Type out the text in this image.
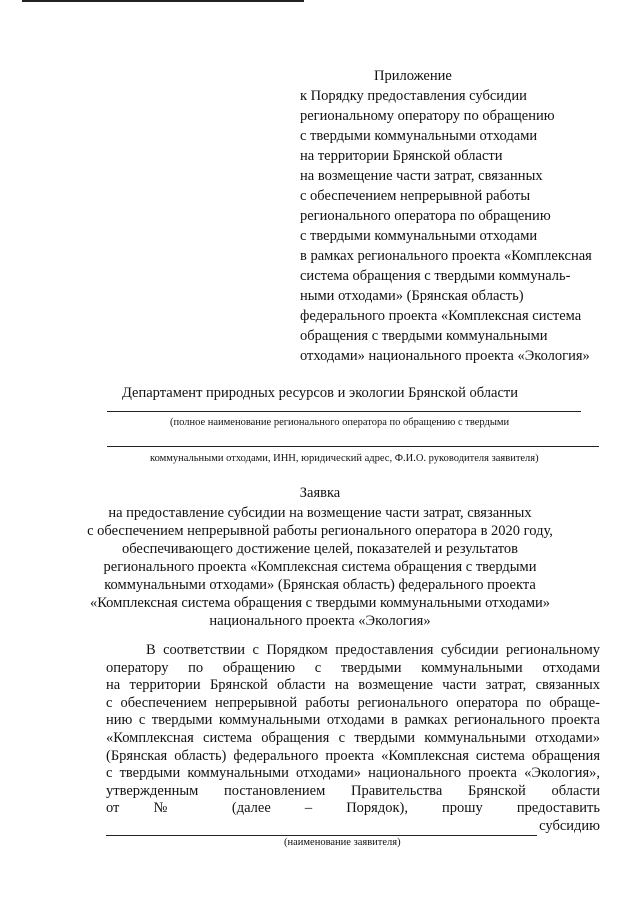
Приложение
к Порядку предоставления субсидии
региональному оператору по обращению
с твердыми коммунальными отходами
на территории Брянской области
на возмещение части затрат, связанных
с обеспечением непрерывной работы
регионального оператора по обращению
с твердыми коммунальными отходами
в рамках регионального проекта «Комплексная
система обращения с твердыми коммуналь-
ными отходами» (Брянская область)
федерального проекта «Комплексная система
обращения с твердыми коммунальными
отходами» национального проекта «Экология»
Департамент природных ресурсов и экологии Брянской области
(полное наименование регионального оператора по обращению с твердыми
коммунальными отходами, ИНН, юридический адрес, Ф.И.О. руководителя заявителя)
Заявка
на предоставление субсидии на возмещение части затрат, связанных
с обеспечением непрерывной работы регионального оператора в 2020 году,
обеспечивающего достижение целей, показателей и результатов
регионального проекта «Комплексная система обращения с твердыми
коммунальными отходами» (Брянская область) федерального проекта
«Комплексная система обращения с твердыми коммунальными отходами»
национального проекта «Экология»
В соответствии с Порядком предоставления субсидии региональному
оператору по обращению с твердыми коммунальными отходами
на территории Брянской области на возмещение части затрат, связанных
с обеспечением непрерывной работы регионального оператора по обраще-
нию с твердыми коммунальными отходами в рамках регионального проекта
«Комплексная система обращения с твердыми коммунальными отходами»
(Брянская область) федерального проекта «Комплексная система обращения
с твердыми коммунальными отходами» национального проекта «Экология»,
утвержденным постановлением Правительства Брянской области
от № (далее – Порядок), прошу предоставить
субсидию
(наименование заявителя)
